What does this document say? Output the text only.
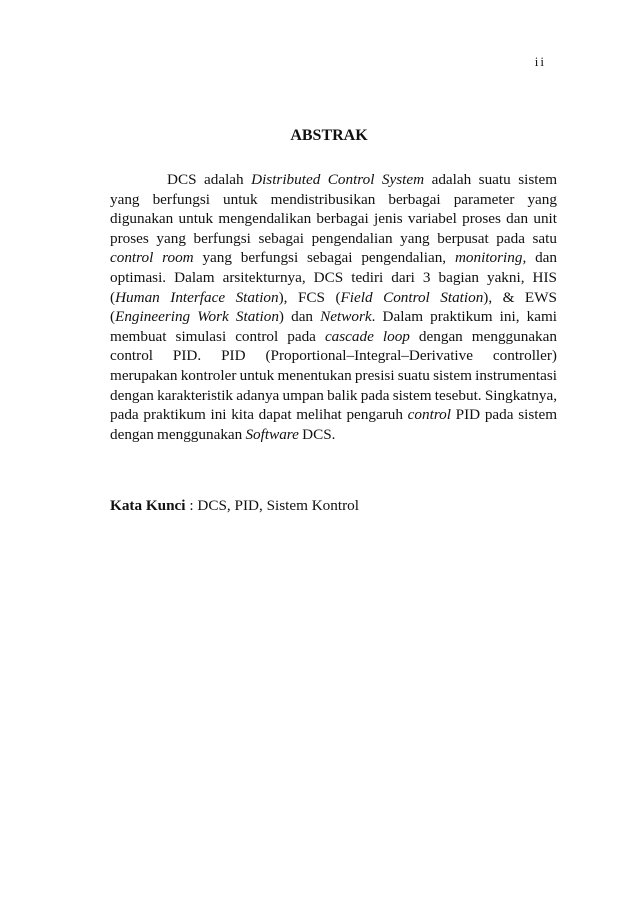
ii
ABSTRAK

DCS adalah Distributed Control System adalah suatu sistem yang berfungsi untuk mendistribusikan berbagai parameter yang digunakan untuk mengendalikan berbagai jenis variabel proses dan unit proses yang berfungsi sebagai pengendalian yang berpusat pada satu control room yang berfungsi sebagai pengendalian, monitoring, dan optimasi. Dalam arsitekturnya, DCS tediri dari 3 bagian yakni, HIS (Human Interface Station), FCS (Field Control Station), & EWS (Engineering Work Station) dan Network. Dalam praktikum ini, kami membuat simulasi control pada cascade loop dengan menggunakan control PID. PID (Proportional–Integral–Derivative controller) merupakan kontroler untuk menentukan presisi suatu sistem instrumentasi dengan karakteristik adanya umpan balik pada sistem tesebut. Singkatnya, pada praktikum ini kita dapat melihat pengaruh control PID pada sistem dengan menggunakan Software DCS.

Kata Kunci : DCS, PID, Sistem Kontrol
